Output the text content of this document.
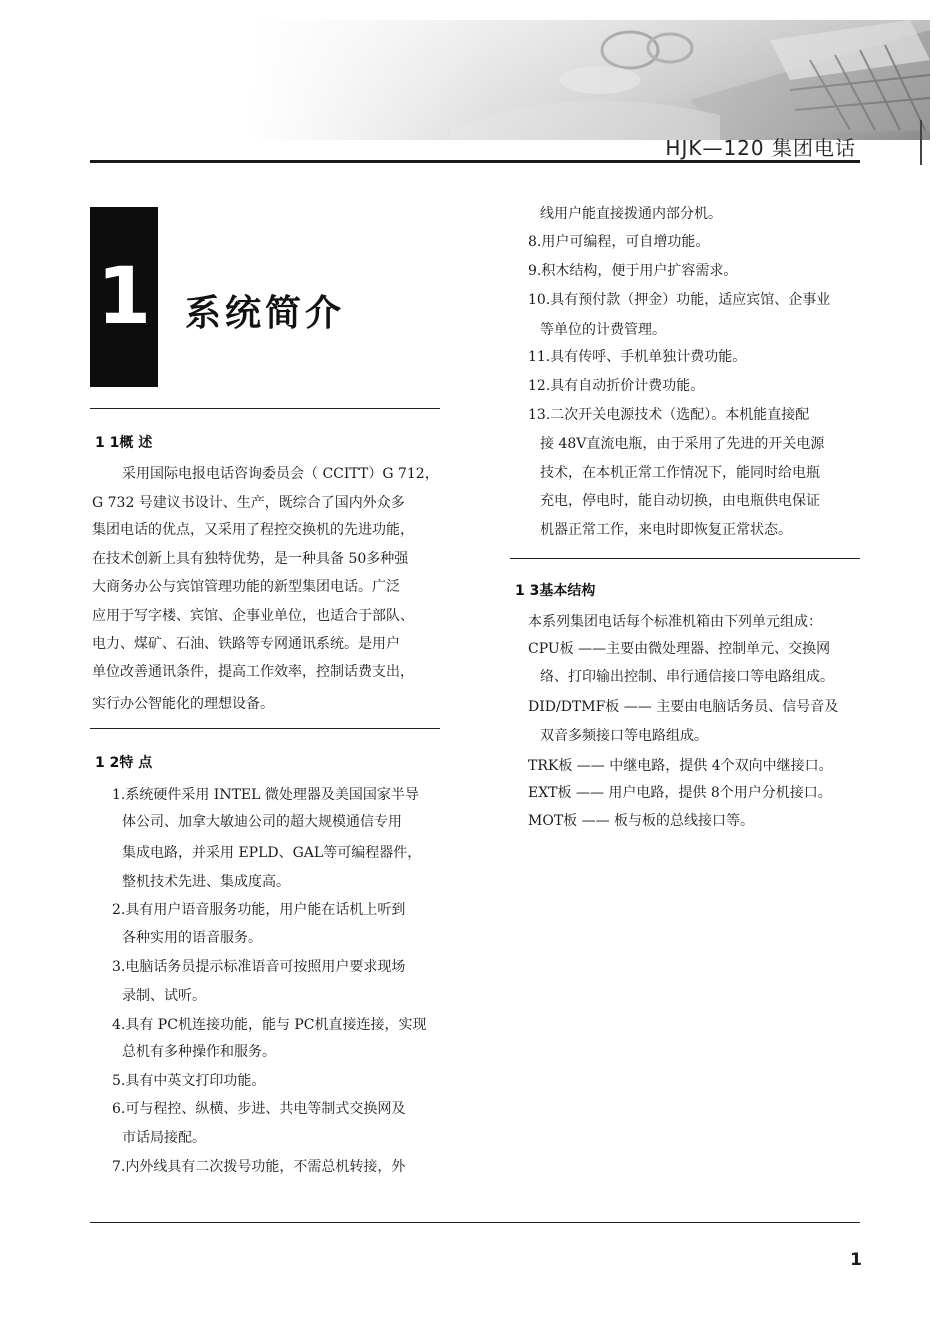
HJK—120 集团电话
1 系统简介
1 1概 述
采用国际电报电话咨询委员会（ CCITT）G 712，
G 732 号建议书设计、生产，既综合了国内外众多
集团电话的优点，又采用了程控交换机的先进功能，
在技术创新上具有独特优势，是一种具备 50多种强
大商务办公与宾馆管理功能的新型集团电话。广泛
应用于写字楼、宾馆、企事业单位，也适合于部队、
电力、煤矿、石油、铁路等专网通讯系统。是用户
单位改善通讯条件，提高工作效率，控制话费支出，
实行办公智能化的理想设备。
1 2特 点
1.系统硬件采用 INTEL 微处理器及美国国家半导
体公司、加拿大敏迪公司的超大规模通信专用
集成电路，并采用 EPLD、GAL等可编程器件，
整机技术先进、集成度高。
2.具有用户语音服务功能，用户能在话机上听到
各种实用的语音服务。
3.电脑话务员提示标准语音可按照用户要求现场
录制、试听。
4.具有 PC机连接功能，能与 PC机直接连接，实现
总机有多种操作和服务。
5.具有中英文打印功能。
6.可与程控、纵横、步进、共电等制式交换网及
市话局接配。
7.内外线具有二次拨号功能，不需总机转接，外
线用户能直接拨通内部分机。
8.用户可编程，可自增功能。
9.积木结构，便于用户扩容需求。
10.具有预付款（押金）功能，适应宾馆、企事业
等单位的计费管理。
11.具有传呼、手机单独计费功能。
12.具有自动折价计费功能。
13.二次开关电源技术（选配）。本机能直接配
接 48V直流电瓶，由于采用了先进的开关电源
技术，在本机正常工作情况下，能同时给电瓶
充电，停电时，能自动切换，由电瓶供电保证
机器正常工作，来电时即恢复正常状态。
1 3基本结构
本系列集团电话每个标准机箱由下列单元组成：
CPU板 ——主要由微处理器、控制单元、交换网
络、打印输出控制、串行通信接口等电路组成。
DID/DTMF板 —— 主要由电脑话务员、信号音及
双音多频接口等电路组成。
TRK板 —— 中继电路，提供 4个双向中继接口。
EXT板 —— 用户电路，提供 8个用户分机接口。
MOT板 —— 板与板的总线接口等。
1
